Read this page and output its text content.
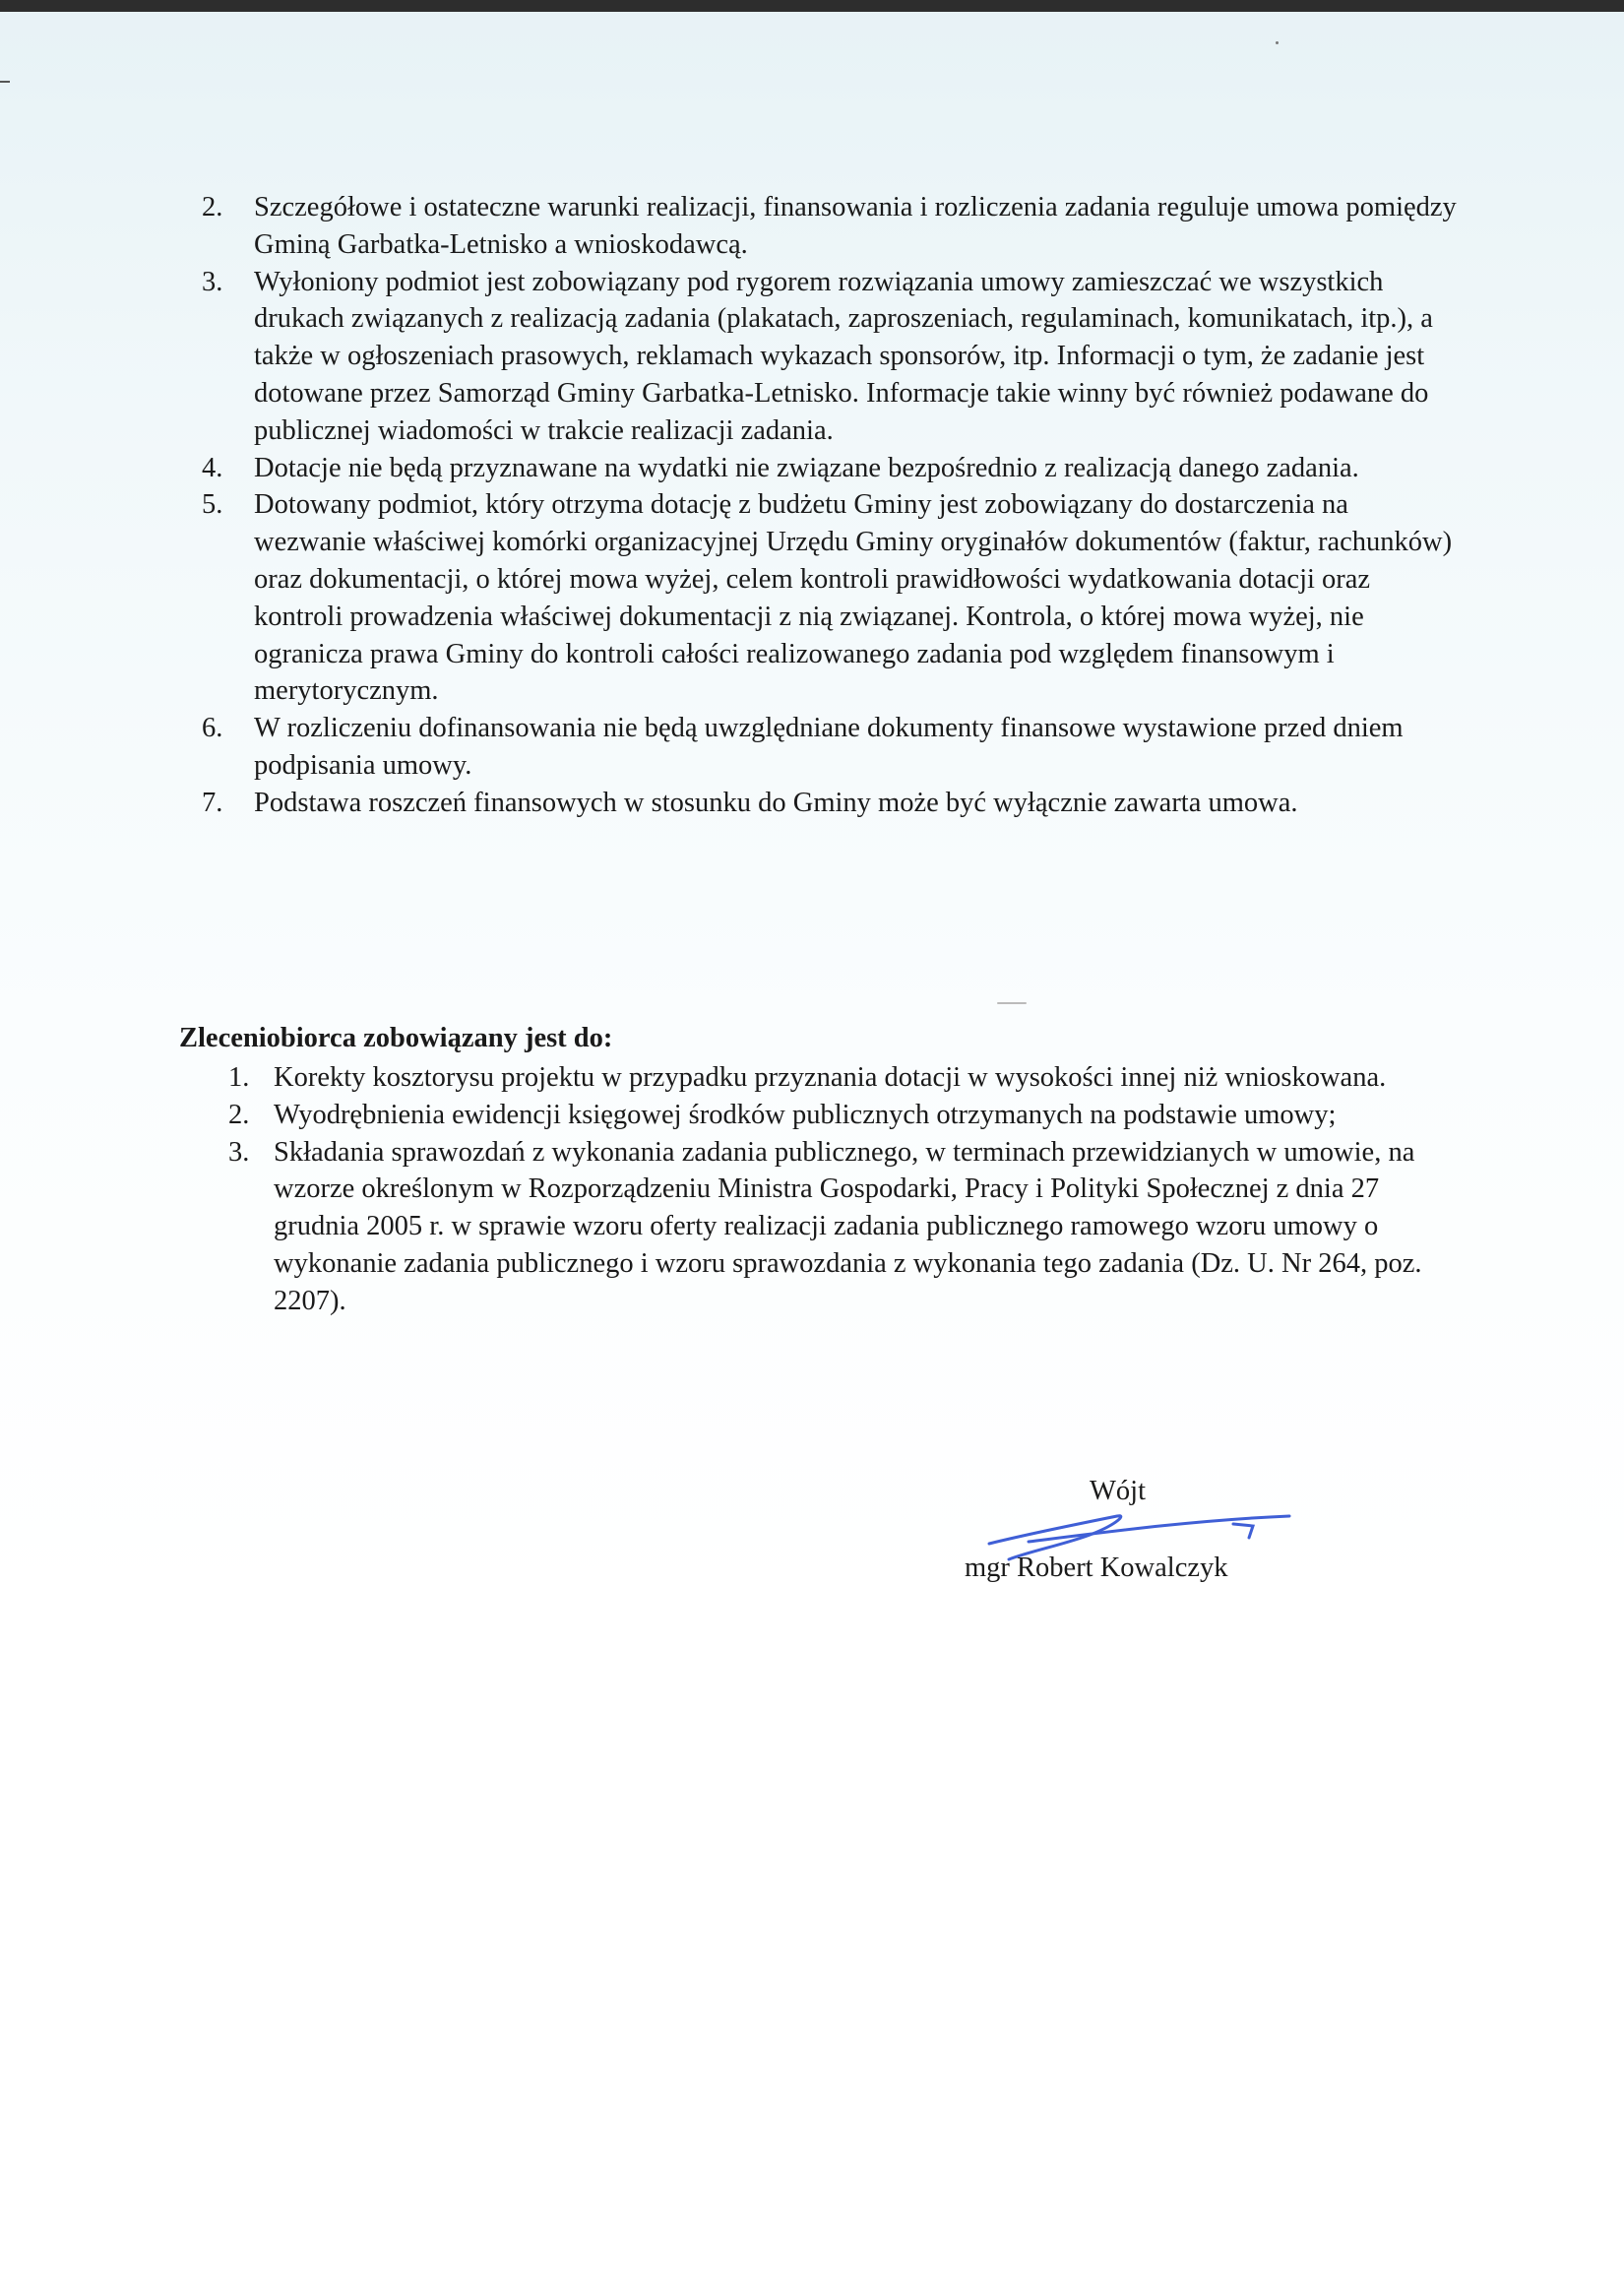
2. Szczegółowe i ostateczne warunki realizacji, finansowania i rozliczenia zadania reguluje umowa pomiędzy Gminą Garbatka-Letnisko a wnioskodawcą.
3. Wyłoniony podmiot jest zobowiązany pod rygorem rozwiązania umowy zamieszczać we wszystkich drukach związanych z realizacją zadania (plakatach, zaproszeniach, regulaminach, komunikatach, itp.), a także w ogłoszeniach prasowych, reklamach wykazach sponsorów, itp. Informacji o tym, że zadanie jest dotowane przez Samorząd Gminy Garbatka-Letnisko. Informacje takie winny być również podawane do publicznej wiadomości w trakcie realizacji zadania.
4. Dotacje nie będą przyznawane na wydatki nie związane bezpośrednio z realizacją danego zadania.
5. Dotowany podmiot, który otrzyma dotację z budżetu Gminy jest zobowiązany do dostarczenia na wezwanie właściwej komórki organizacyjnej Urzędu Gminy oryginałów dokumentów (faktur, rachunków) oraz dokumentacji, o której mowa wyżej, celem kontroli prawidłowości wydatkowania dotacji oraz kontroli prowadzenia właściwej dokumentacji z nią związanej. Kontrola, o której mowa wyżej, nie ogranicza prawa Gminy do kontroli całości realizowanego zadania pod względem finansowym i merytorycznym.
6. W rozliczeniu dofinansowania nie będą uwzględniane dokumenty finansowe wystawione przed dniem podpisania umowy.
7. Podstawa roszczeń finansowych w stosunku do Gminy może być wyłącznie zawarta umowa.
Zleceniobiorca zobowiązany jest do:
1. Korekty kosztorysu projektu w przypadku przyznania dotacji w wysokości innej niż wnioskowana.
2. Wyodrębnienia ewidencji księgowej środków publicznych otrzymanych na podstawie umowy;
3. Składania sprawozdań z wykonania zadania publicznego, w terminach przewidzianych w umowie, na wzorze określonym w Rozporządzeniu Ministra Gospodarki, Pracy i Polityki Społecznej z dnia 27 grudnia 2005 r. w sprawie wzoru oferty realizacji zadania publicznego ramowego wzoru umowy o wykonanie zadania publicznego i wzoru sprawozdania z wykonania tego zadania (Dz. U. Nr 264, poz. 2207).
Wójt
mgr Robert Kowalczyk
